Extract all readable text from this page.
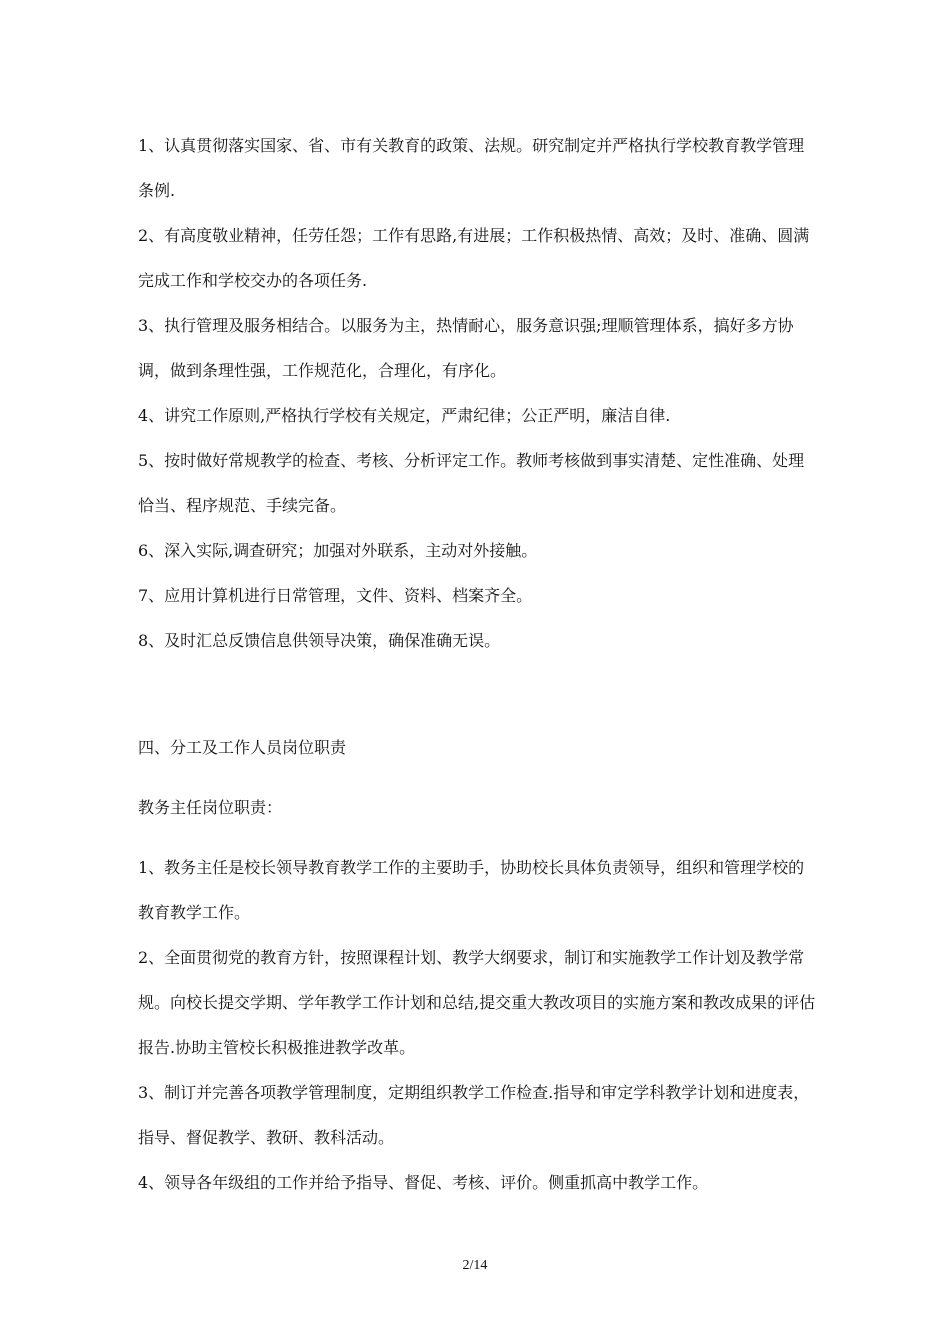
1、认真贯彻落实国家、省、市有关教育的政策、法规。研究制定并严格执行学校教育教学管理条例.

2、有高度敬业精神，任劳任怨；工作有思路,有进展；工作积极热情、高效；及时、准确、圆满完成工作和学校交办的各项任务.

3、执行管理及服务相结合。以服务为主，热情耐心，服务意识强;理顺管理体系，搞好多方协调，做到条理性强，工作规范化，合理化，有序化。

4、讲究工作原则,严格执行学校有关规定，严肃纪律；公正严明，廉洁自律.

5、按时做好常规教学的检查、考核、分析评定工作。教师考核做到事实清楚、定性准确、处理恰当、程序规范、手续完备。

6、深入实际,调查研究；加强对外联系，主动对外接触。

7、应用计算机进行日常管理，文件、资料、档案齐全。

8、及时汇总反馈信息供领导决策，确保准确无误。

四、分工及工作人员岗位职责

教务主任岗位职责：

1、教务主任是校长领导教育教学工作的主要助手，协助校长具体负责领导，组织和管理学校的教育教学工作。

2、全面贯彻党的教育方针，按照课程计划、教学大纲要求，制订和实施教学工作计划及教学常规。向校长提交学期、学年教学工作计划和总结,提交重大教改项目的实施方案和教改成果的评估报告.协助主管校长积极推进教学改革。

3、制订并完善各项教学管理制度，定期组织教学工作检查.指导和审定学科教学计划和进度表，指导、督促教学、教研、教科活动。

4、领导各年级组的工作并给予指导、督促、考核、评价。侧重抓高中教学工作。

2/14
